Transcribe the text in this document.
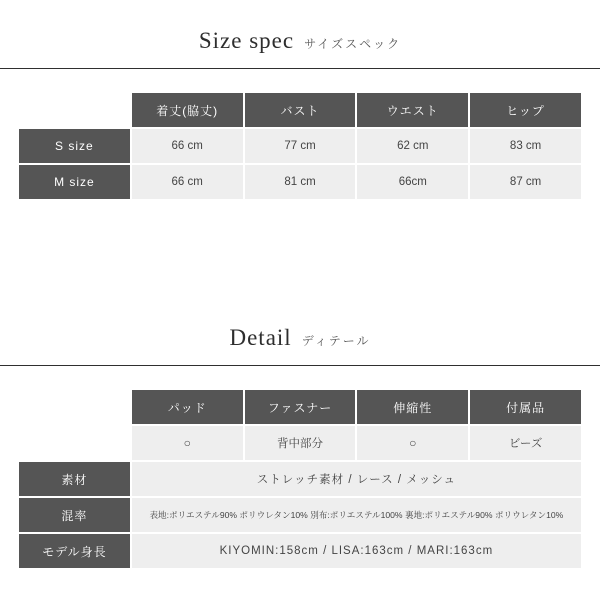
Size spec サイズスペック
	着丈(脇丈)	バスト	ウエスト	ヒップ
S size	66 cm	77 cm	62 cm	83 cm
M size	66 cm	81 cm	66cm	87 cm
Detail ディテール
	パッド	ファスナー	伸縮性	付属品
	○	背中部分	○	ビーズ
素材	ストレッチ素材 / レース / メッシュ			
混率	表地:ポリエステル90% ポリウレタン10% 別布:ポリエステル100% 裏地:ポリエステル90% ポリウレタン10%			
モデル身長	KIYOMIN:158cm / LISA:163cm / MARI:163cm			
